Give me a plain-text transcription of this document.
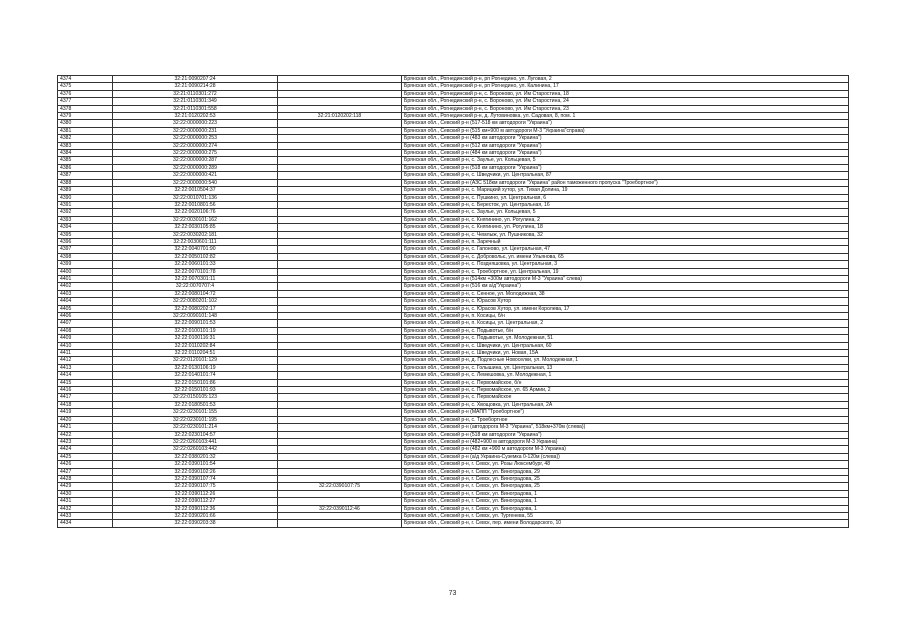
4374	32:21:0090207:24		Брянская обл., Рогнединский р-н, рп Рогнедино, ул. Луговая, 2
4375	32:21:0090214:28		Брянская обл., Рогнединский р-н, рп Рогнедино, ул. Калинина, 17
4376	32:21:0110301:272		Брянская обл., Рогнединский р-н, с. Вороново, ул. Им Старостина, 18
4377	32:21:0110301:349		Брянская обл., Рогнединский р-н, с. Вороново, ул. Им Старостина, 24
4378	32:21:0110301:558		Брянская обл., Рогнединский р-н, с. Вороново, ул. Им Старостина, 23
4379	32:21:0120202:53	32:21:0120202:118	Брянская обл., Рогнединский р-н, д. Лутовиновка, ул. Садовая, 8, пом. 1
4380	32:22:0000000:223		Брянская обл., Севский р-н (517-518 км автодороги "Украина")
4381	32:22:0000000:231		Брянская обл., Севский р-н (515 км+900 м автодороги М-3 "Украина"справа)
4382	32:22:0000000:253		Брянская обл., Севский р-н (483 км автодороги "Украина")
4383	32:22:0000000:274		Брянская обл., Севский р-н (512 км автодороги "Украина")
4384	32:22:0000000:275		Брянская обл., Севский р-н (484 км автодороги "Украина")
4385	32:22:0000000:287		Брянская обл., Севский р-н, с. Заулье, ул. Кольцевая, 5
4386	32:22:0000000:289		Брянская обл., Севский р-н (518 км автодороги "Украина")
4387	32:22:0000000:421		Брянская обл., Севский р-н, с. Шведчики, ул. Центральная, 87
4388	32:22:0000000:540		Брянская обл., Севский р-н (АЗС 518км автодороги "Украина" район таможенного пропуска "Троебортное")
4389	32:22:0010504:37		Брянская обл., Севский р-н, с. Марицкий хутор, ул. Тихая Долина, 19
4390	32:22:0010701:136		Брянская обл., Севский р-н, с. Пушкино, ул. Центральная, 6
4391	32:22:0010801:56		Брянская обл., Севский р-н, с. Бересток, ул. Центральная, 16
4392	32:22:0020106:76		Брянская обл., Севский р-н, с. Заулье, ул. Кольцевая, 5
4393	32:22:0030101:162		Брянская обл., Севский р-н, с. Княгинино, ул. Рогулина, 2
4394	32:22:0030105:85		Брянская обл., Севский р-н, с. Княгинино, ул. Рогулина, 18
4395	32:22:0030202:181		Брянская обл., Севский р-н, с. Чемлыж, ул. Пушникова, 32
4396	32:22:0030601:111		Брянская обл., Севский р-н, п. Заречный
4397	32:22:0040701:90		Брянская обл., Севский р-н, с. Гапоново, ул. Центральная, 47
4398	32:22:0050102:82		Брянская обл., Севский р-н, с. Добровольє, ул. имени Ульянова, 65
4399	32:22:0060101:33		Брянская обл., Севский р-н, с. Поздняшовка, ул. Центральная, 3
4400	32:22:0070101:78		Брянская обл., Севский р-н, с. Троебортное, ул. Центральная, 19
4401	32:22:0070301:11		Брянская обл., Севский р-н (514км +300м автодороги М-3 "Украина" слева)
4402	32:22:0070707:4		Брянская обл., Севский р-н (516 км а/д"Украина")
4403	32:22:0080104:72		Брянская обл., Севский р-н, с. Сенное, ул. Молодежная, 38
4404	32:22:0080201:102		Брянская обл., Севский р-н, с. Юрасов Хутор
4405	32:22:0080202:17		Брянская обл., Севский р-н, с. Юрасов Хутор, ул. имени Королева, 17
4406	32:22:0090101:148		Брянская обл., Севский р-н, п. Косицы, б/н
4407	32:22:0090101:53		Брянская обл., Севский р-н, п. Косицы, ул. Центральная, 2
4408	32:22:0100101:19		Брянская обл., Севский р-н, с. Подывотье, б/н
4409	32:22:0100116:31		Брянская обл., Севский р-н, с. Подывотье, ул. Молодежная, 51
4410	32:22:0110202:84		Брянская обл., Севский р-н, с. Шведчики, ул. Центральная, 60
4411	32:22:0110204:51		Брянская обл., Севский р-н, с. Шведчики, ул. Новая, 15А
4412	32:22:0120101:129		Брянская обл., Севский р-н, д. Подлесные Новоселки, ул. Молодежная, 1
4413	32:22:0130106:19		Брянская обл., Севский р-н, с. Голышина, ул. Центральная, 13
4414	32:22:0140101:74		Брянская обл., Севский р-н, с. Лемешовка, ул. Молодежная, 1
4415	32:22:0150101:86		Брянская обл., Севский р-н, с. Первомайское, б/н
4416	32:22:0150101:93		Брянская обл., Севский р-н, с. Первомайское, ул. 65 Армии, 2
4417	32:22:0150105:123		Брянская обл., Севский р-н, с. Первомайское
4418	32:22:0180501:53		Брянская обл., Севский р-н, с. Хвощовка, ул. Центральная, 2А
4419	32:22:0230101:155		Брянская обл., Севский р-н (МАПП "Троебортное")
4420	32:22:0230101:195		Брянская обл., Севский р-н, с. Троебортное
4421	32:22:0230101:214		Брянская обл., Севский р-н (автодорога М-3 "Украина", 518км+370м (слева))
4422	32:22:0230104:57		Брянская обл., Севский р-н (518 км автодороги "Украина")
4423	32:22:0260103:441		Брянская обл., Севский р-н (482+900 м автодороги М-3 Украина)
4424	32:22:0260103:442		Брянская обл., Севский р-н (482 км +900 м автодороги М-3 Украина)
4425	32:22:0380201:32		Брянская обл., Севский р-н (а/д Украина-Суземка 0-120м (слева))
4426	32:22:0390101:54		Брянская обл., Севский р-н, г. Севск, ул. Розы Люксембург, 48
4427	32:22:0390102:26		Брянская обл., Севский р-н, г. Севск, ул. Виноградова, 29
4428	32:22:0390107:74		Брянская обл., Севский р-н, г. Севск, ул. Виноградова, 25
4429	32:22:0390107:75	32:22:0390107:75	Брянская обл., Севский р-н, г. Севск, ул. Виноградова, 25
4430	32:22:0390112:26		Брянская обл., Севский р-н, г. Севск, ул. Виноградова, 1
4431	32:22:0390112:27		Брянская обл., Севский р-н, г. Севск, ул. Виноградова, 1
4432	32:22:0390112:36	32:22:0390112:46	Брянская обл., Севский р-н, г. Севск, ул. Виноградова, 1
4433	32:22:0390201:66		Брянская обл., Севский р-н, г. Севск, ул. Тургенева, 55
4434	32:22:0390203:38		Брянская обл., Севский р-н, г. Севск, пер. имени Володарского, 10
73
